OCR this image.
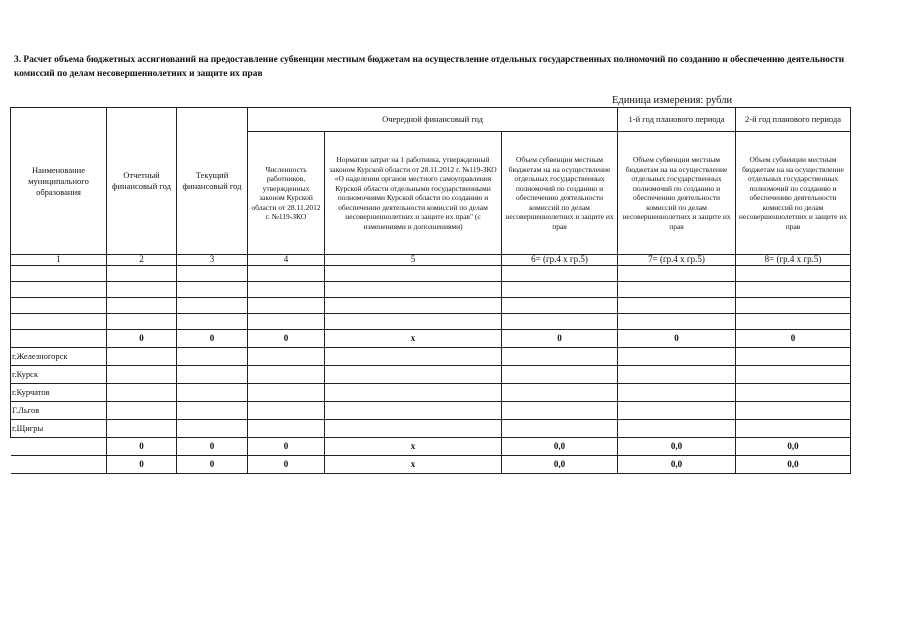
3. Расчет объема бюджетных ассигнований на предоставление субвенции местным бюджетам на осуществление отдельных государственных полномочий по созданию и обеспечению деятельности комиссий по делам несовершеннолетних и защите их прав
Единица измерения: рубли
Наименование муниципального образования	Отчетный финансовый год	Текущий финансовый год	Очередной финансовый год			1-й год планового периода	2-й год планового периода
			Численность работников, утвержденных законом Курской области от 28.11.2012 г. №119-ЗКО	Норматив затрат на 1 работника, утвержденный законом Курской области от 28.11.2012 г. №119-ЗКО «О наделении органов местного самоуправления Курской области отдельными государственными полномочиями Курской области по созданию и обеспечению деятельности комиссий по делам несовершеннолетних и защите их прав" (с изменениями и дополнениями)	Объем субвенции местным бюджетам на на осуществление отдельных государственных полномочий по созданию и обеспечению деятельности комиссий по делам несовершеннолетних и защите их прав	Объем субвенции местным бюджетам на на осуществление отдельных государственных полномочий по созданию и обеспечению деятельности комиссий по делам несовершеннолетних и защите их прав	Объем субвенции местным бюджетам на на осуществление отдельных государственных полномочий по созданию и обеспечению деятельности комиссий по делам несовершеннолетних и защите их прав
1	2	3	4	5	6= (гр.4 х гр.5)	7= (гр.4 х гр.5)	8= (гр.4 х гр.5)

	0	0	0	x	0	0	0
г.Железногорск							
г.Курск							
г.Курчатов							
Г.Льгов							
г.Щигры							
	0	0	0	x	0,0	0,0	0,0
	0	0	0	x	0,0	0,0	0,0
